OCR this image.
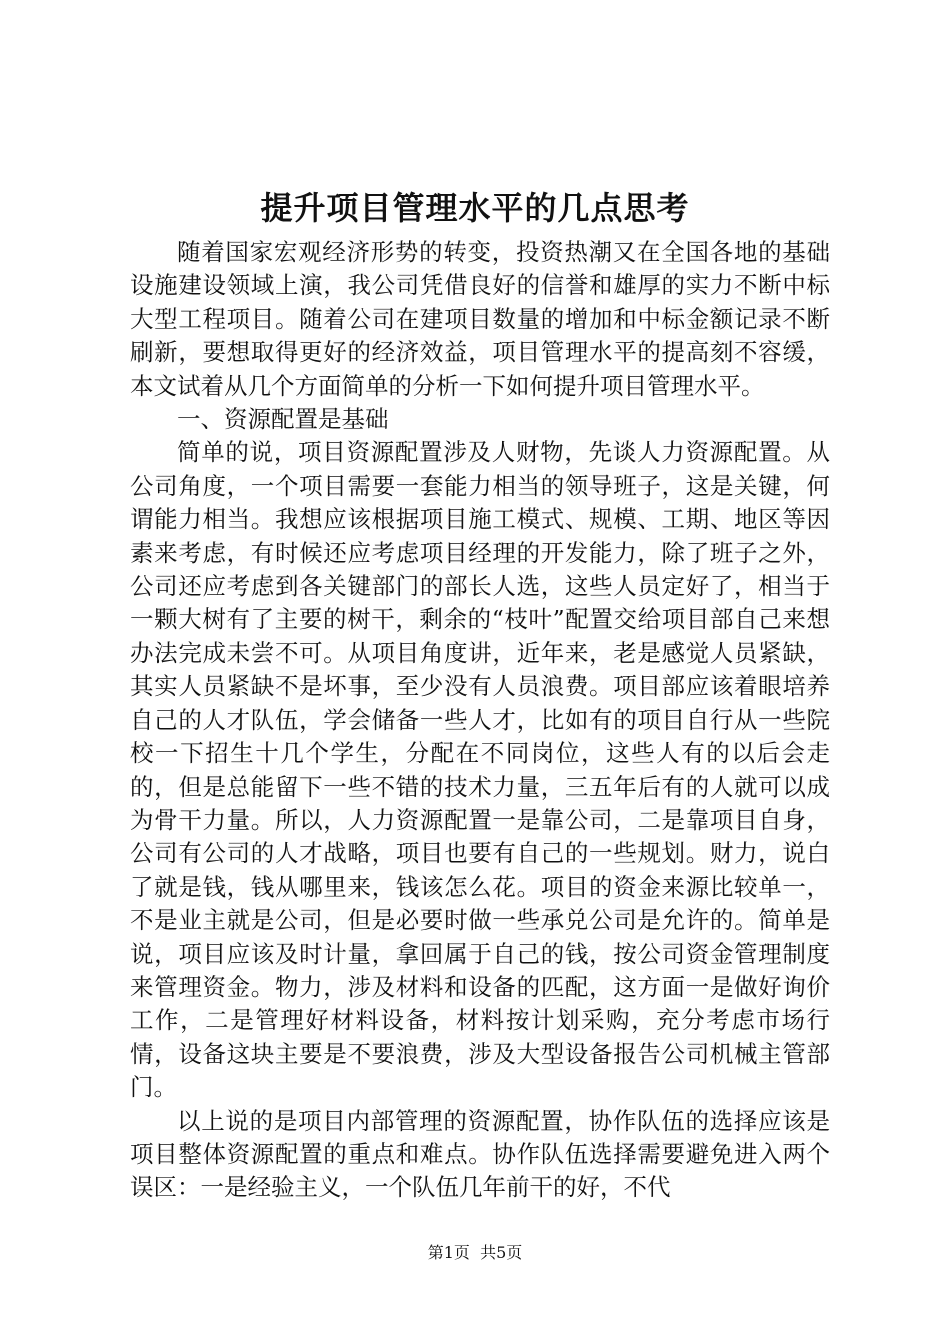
提升项目管理水平的几点思考

随着国家宏观经济形势的转变，投资热潮又在全国各地的基础设施建设领域上演，我公司凭借良好的信誉和雄厚的实力不断中标大型工程项目。随着公司在建项目数量的增加和中标金额记录不断刷新，要想取得更好的经济效益，项目管理水平的提高刻不容缓，本文试着从几个方面简单的分析一下如何提升项目管理水平。

一、资源配置是基础

简单的说，项目资源配置涉及人财物，先谈人力资源配置。从公司角度，一个项目需要一套能力相当的领导班子，这是关键，何谓能力相当。我想应该根据项目施工模式、规模、工期、地区等因素来考虑，有时候还应考虑项目经理的开发能力，除了班子之外，公司还应考虑到各关键部门的部长人选，这些人员定好了，相当于一颗大树有了主要的树干，剩余的“枝叶”配置交给项目部自己来想办法完成未尝不可。从项目角度讲，近年来，老是感觉人员紧缺，其实人员紧缺不是坏事，至少没有人员浪费。项目部应该着眼培养自己的人才队伍，学会储备一些人才，比如有的项目自行从一些院校一下招生十几个学生，分配在不同岗位，这些人有的以后会走的，但是总能留下一些不错的技术力量，三五年后有的人就可以成为骨干力量。所以，人力资源配置一是靠公司，二是靠项目自身，公司有公司的人才战略，项目也要有自己的一些规划。财力，说白了就是钱，钱从哪里来，钱该怎么花。项目的资金来源比较单一，不是业主就是公司，但是必要时做一些承兑公司是允许的。简单是说，项目应该及时计量，拿回属于自己的钱，按公司资金管理制度来管理资金。物力，涉及材料和设备的匹配，这方面一是做好询价工作，二是管理好材料设备，材料按计划采购，充分考虑市场行情，设备这块主要是不要浪费，涉及大型设备报告公司机械主管部门。

以上说的是项目内部管理的资源配置，协作队伍的选择应该是项目整体资源配置的重点和难点。协作队伍选择需要避免进入两个误区：一是经验主义，一个队伍几年前干的好，不代

第1页 共5页
